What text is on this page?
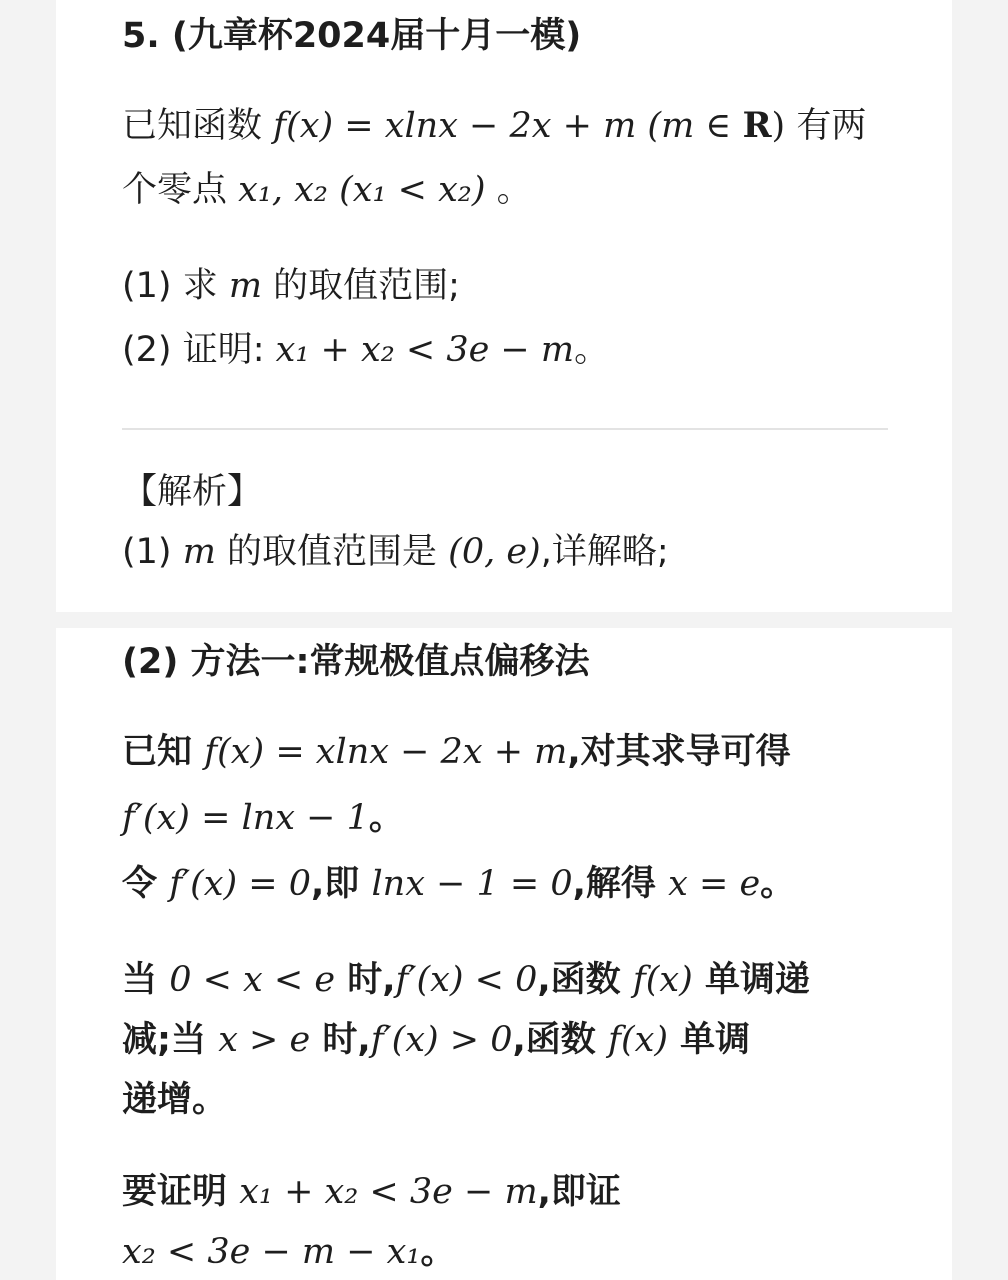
5. (九章杯2024届十月一模)
已知函数 f(x) = xlnx − 2x + m (m ∈ R) 有两
个零点 x₁, x₂ (x₁ < x₂) 。
(1) 求 m 的取值范围;
(2) 证明: x₁ + x₂ < 3e − m。
【解析】
(1) m 的取值范围是 (0, e),详解略;
(2) 方法一:常规极值点偏移法
已知 f(x) = xlnx − 2x + m,对其求导可得
f′(x) = lnx − 1。
令 f′(x) = 0,即 lnx − 1 = 0,解得 x = e。
当 0 < x < e 时,f′(x) < 0,函数 f(x) 单调递
减;当 x > e 时,f′(x) > 0,函数 f(x) 单调
递增。
要证明 x₁ + x₂ < 3e − m,即证
x₂ < 3e − m − x₁。
